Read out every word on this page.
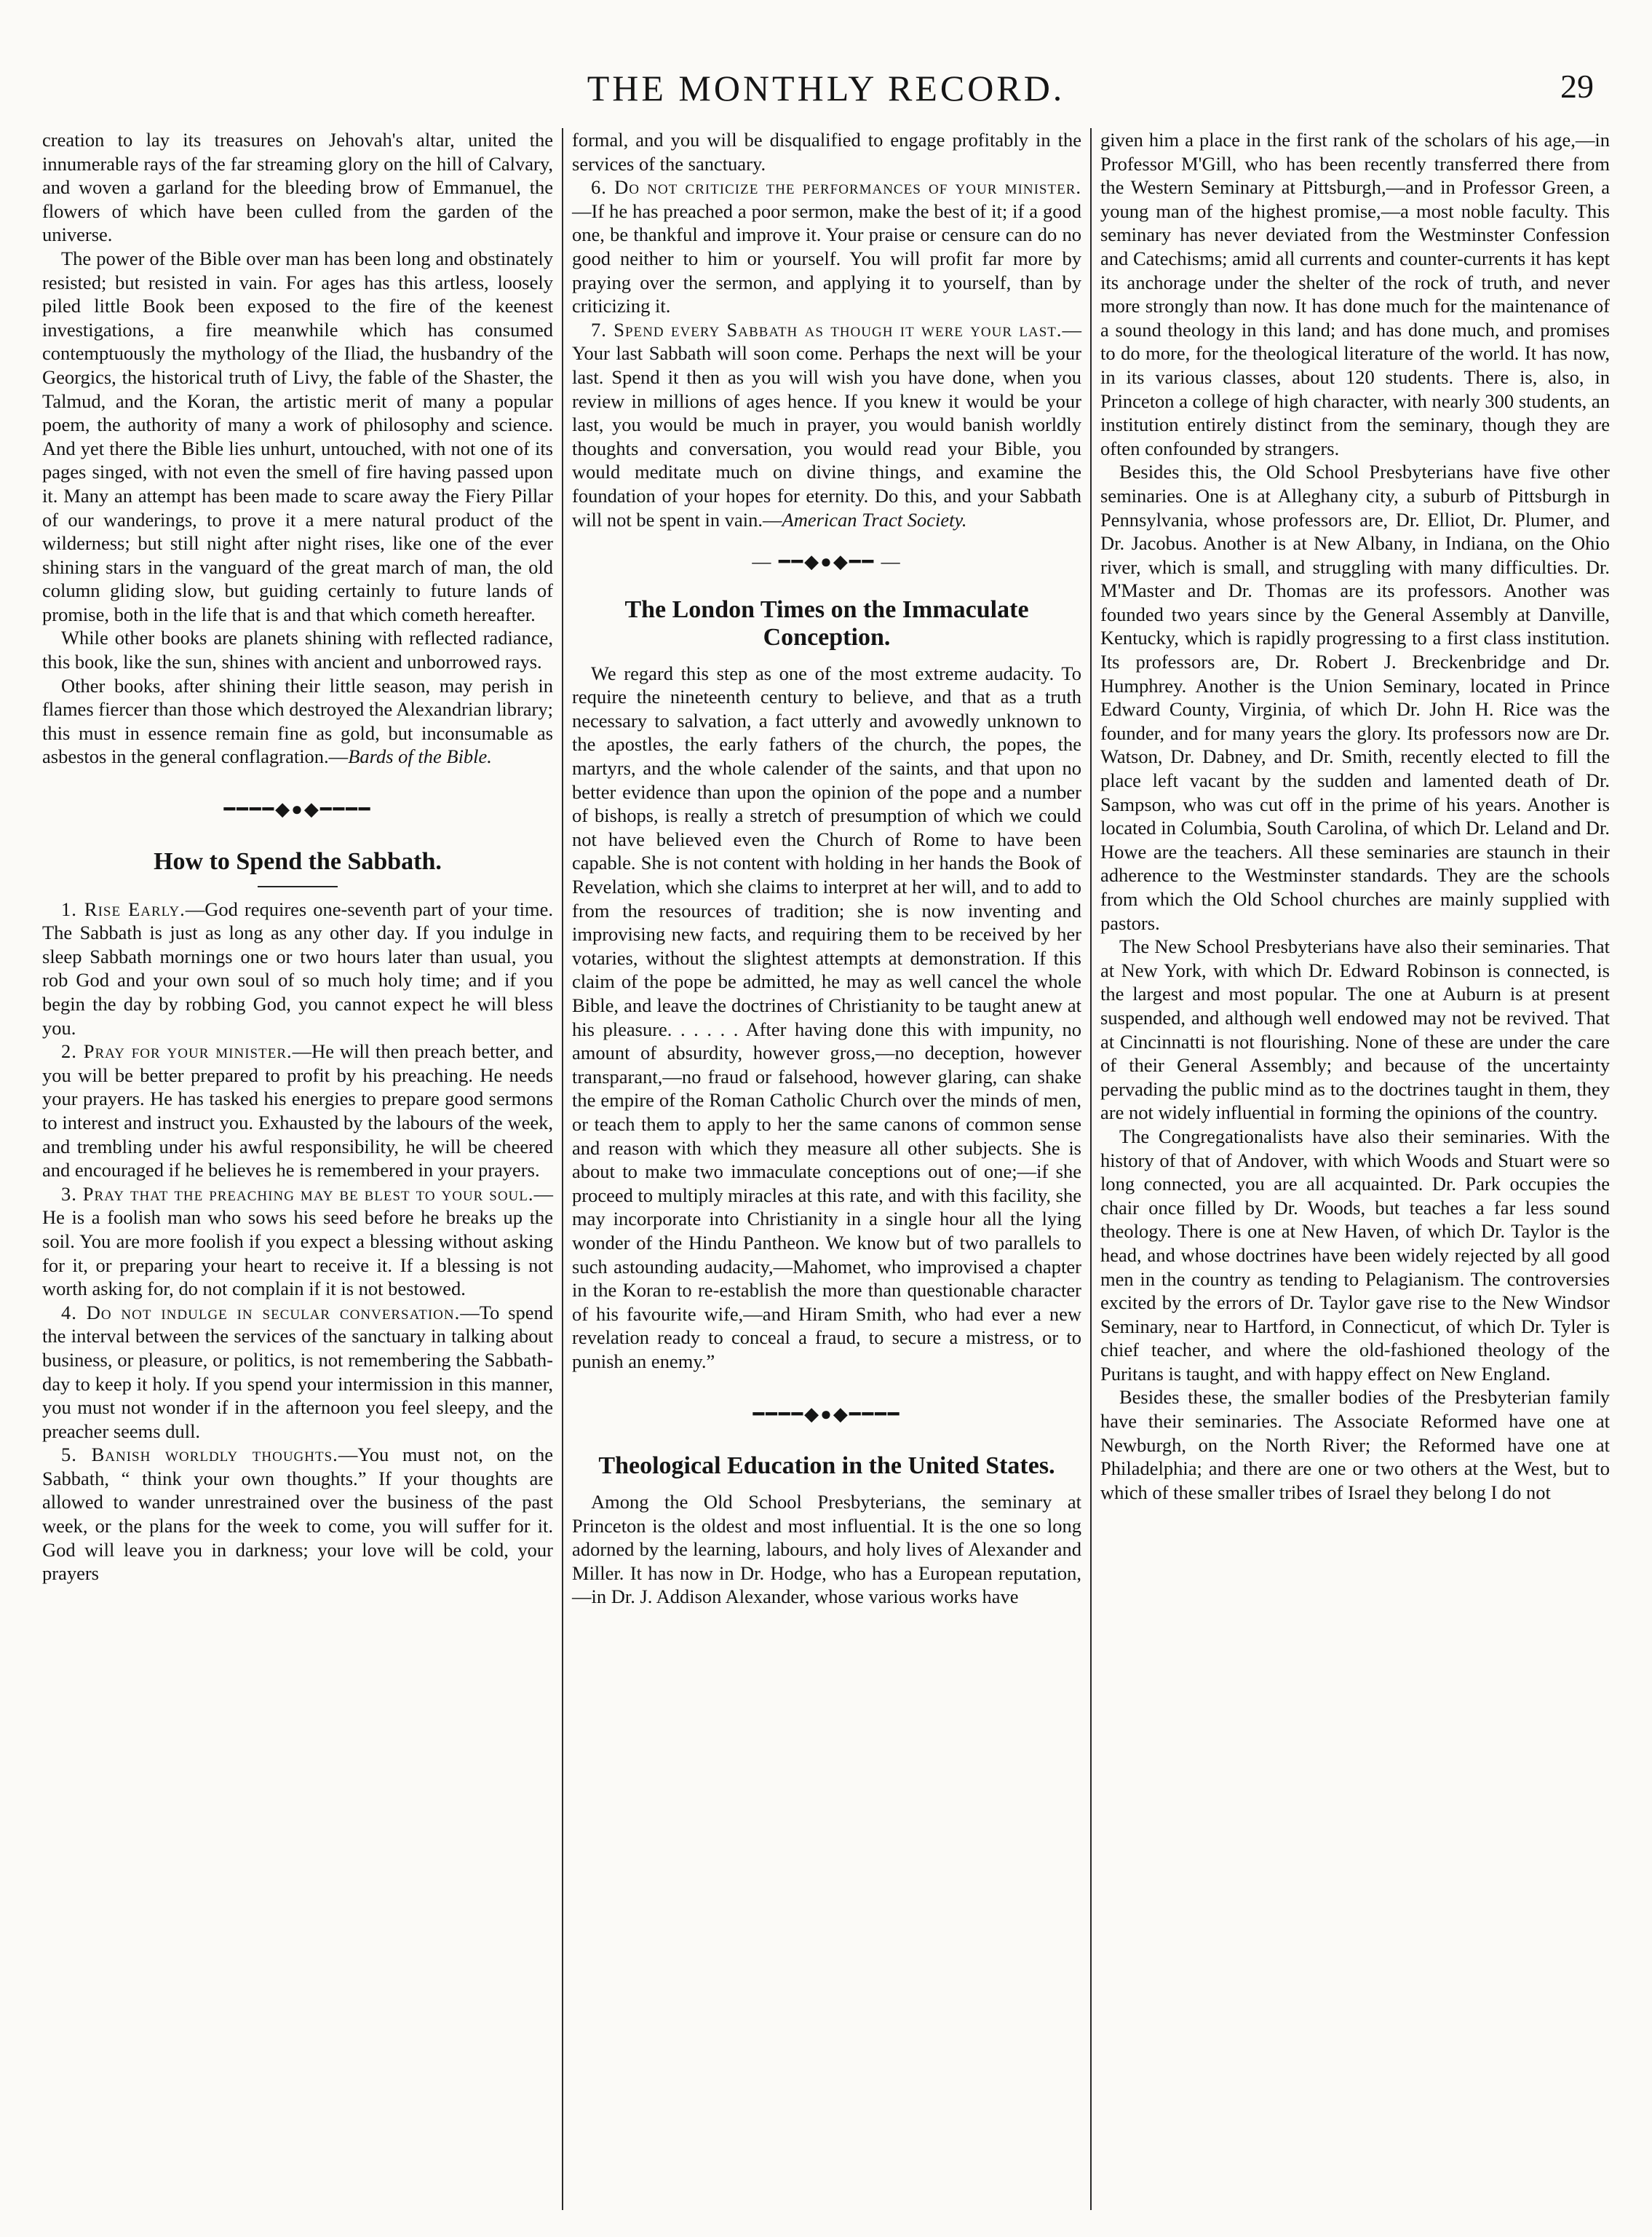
THE MONTHLY RECORD.	29

creation to lay its treasures on Jehovah's altar, united the innumerable rays of the far streaming glory on the hill of Calvary, and woven a garland for the bleeding brow of Emmanuel, the flowers of which have been culled from the garden of the universe.

The power of the Bible over man has been long and obstinately resisted; but resisted in vain. For ages has this artless, loosely piled little Book been exposed to the fire of the keenest investigations, a fire meanwhile which has consumed contemptuously the mythology of the Iliad, the husbandry of the Georgics, the historical truth of Livy, the fable of the Shaster, the Talmud, and the Koran, the artistic merit of many a popular poem, the authority of many a work of philosophy and science. And yet there the Bible lies unhurt, untouched, with not one of its pages singed, with not even the smell of fire having passed upon it. Many an attempt has been made to scare away the Fiery Pillar of our wanderings, to prove it a mere natural product of the wilderness; but still night after night rises, like one of the ever shining stars in the vanguard of the great march of man, the old column gliding slow, but guiding certainly to future lands of promise, both in the life that is and that which cometh hereafter.

While other books are planets shining with reflected radiance, this book, like the sun, shines with ancient and unborrowed rays.

Other books, after shining their little season, may perish in flames fiercer than those which destroyed the Alexandrian library; this must in essence remain fine as gold, but inconsumable as asbestos in the general conflagration.—Bards of the Bible.

━━━━◆●◆━━━━
How to Spend the Sabbath.

1. Rise Early.—God requires one-seventh part of your time. The Sabbath is just as long as any other day. If you indulge in sleep Sabbath mornings one or two hours later than usual, you rob God and your own soul of so much holy time; and if you begin the day by robbing God, you cannot expect he will bless you.

2. Pray for your minister.—He will then preach better, and you will be better prepared to profit by his preaching. He needs your prayers. He has tasked his energies to prepare good sermons to interest and instruct you. Exhausted by the labours of the week, and trembling under his awful responsibility, he will be cheered and encouraged if he believes he is remembered in your prayers.

3. Pray that the preaching may be blest to your soul.—He is a foolish man who sows his seed before he breaks up the soil. You are more foolish if you expect a blessing without asking for it, or preparing your heart to receive it. If a blessing is not worth asking for, do not complain if it is not bestowed.

4. Do not indulge in secular conversation.—To spend the interval between the services of the sanctuary in talking about business, or pleasure, or politics, is not remembering the Sabbath-day to keep it holy. If you spend your intermission in this manner, you must not wonder if in the afternoon you feel sleepy, and the preacher seems dull.

5. Banish worldly thoughts.—You must not, on the Sabbath, “ think your own thoughts.” If your thoughts are allowed to wander unrestrained over the business of the past week, or the plans for the week to come, you will suffer for it. God will leave you in darkness; your love will be cold, your prayers

formal, and you will be disqualified to engage profitably in the services of the sanctuary.

6. Do not criticize the performances of your minister.—If he has preached a poor sermon, make the best of it; if a good one, be thankful and improve it. Your praise or censure can do no good neither to him or yourself. You will profit far more by praying over the sermon, and applying it to yourself, than by criticizing it.

7. Spend every Sabbath as though it were your last.—Your last Sabbath will soon come. Perhaps the next will be your last. Spend it then as you will wish you have done, when you review in millions of ages hence. If you knew it would be your last, you would be much in prayer, you would banish worldly thoughts and conversation, you would read your Bible, you would meditate much on divine things, and examine the foundation of your hopes for eternity. Do this, and your Sabbath will not be spent in vain.—American Tract Society.

— ━━◆●◆━━ —
The London Times on the Immaculate Conception.

We regard this step as one of the most extreme audacity. To require the nineteenth century to believe, and that as a truth necessary to salvation, a fact utterly and avowedly unknown to the apostles, the early fathers of the church, the popes, the martyrs, and the whole calender of the saints, and that upon no better evidence than upon the opinion of the pope and a number of bishops, is really a stretch of presumption of which we could not have believed even the Church of Rome to have been capable. She is not content with holding in her hands the Book of Revelation, which she claims to interpret at her will, and to add to from the resources of tradition; she is now inventing and improvising new facts, and requiring them to be received by her votaries, without the slightest attempts at demonstration. If this claim of the pope be admitted, he may as well cancel the whole Bible, and leave the doctrines of Christianity to be taught anew at his pleasure. . . . . . After having done this with impunity, no amount of absurdity, however gross,—no deception, however transparant,—no fraud or falsehood, however glaring, can shake the empire of the Roman Catholic Church over the minds of men, or teach them to apply to her the same canons of common sense and reason with which they measure all other subjects. She is about to make two immaculate conceptions out of one;—if she proceed to multiply miracles at this rate, and with this facility, she may incorporate into Christianity in a single hour all the lying wonder of the Hindu Pantheon. We know but of two parallels to such astounding audacity,—Mahomet, who improvised a chapter in the Koran to re-establish the more than questionable character of his favourite wife,—and Hiram Smith, who had ever a new revelation ready to conceal a fraud, to secure a mistress, or to punish an enemy.”

━━━━◆●◆━━━━
Theological Education in the United States.

Among the Old School Presbyterians, the seminary at Princeton is the oldest and most influential. It is the one so long adorned by the learning, labours, and holy lives of Alexander and Miller. It has now in Dr. Hodge, who has a European reputation,—in Dr. J. Addison Alexander, whose various works have

given him a place in the first rank of the scholars of his age,—in Professor M'Gill, who has been recently transferred there from the Western Seminary at Pittsburgh,—and in Professor Green, a young man of the highest promise,—a most noble faculty. This seminary has never deviated from the Westminster Confession and Catechisms; amid all currents and counter-currents it has kept its anchorage under the shelter of the rock of truth, and never more strongly than now. It has done much for the maintenance of a sound theology in this land; and has done much, and promises to do more, for the theological literature of the world. It has now, in its various classes, about 120 students. There is, also, in Princeton a college of high character, with nearly 300 students, an institution entirely distinct from the seminary, though they are often confounded by strangers.

Besides this, the Old School Presbyterians have five other seminaries. One is at Alleghany city, a suburb of Pittsburgh in Pennsylvania, whose professors are, Dr. Elliot, Dr. Plumer, and Dr. Jacobus. Another is at New Albany, in Indiana, on the Ohio river, which is small, and struggling with many difficulties. Dr. M'Master and Dr. Thomas are its professors. Another was founded two years since by the General Assembly at Danville, Kentucky, which is rapidly progressing to a first class institution. Its professors are, Dr. Robert J. Breckenbridge and Dr. Humphrey. Another is the Union Seminary, located in Prince Edward County, Virginia, of which Dr. John H. Rice was the founder, and for many years the glory. Its professors now are Dr. Watson, Dr. Dabney, and Dr. Smith, recently elected to fill the place left vacant by the sudden and lamented death of Dr. Sampson, who was cut off in the prime of his years. Another is located in Columbia, South Carolina, of which Dr. Leland and Dr. Howe are the teachers. All these seminaries are staunch in their adherence to the Westminster standards. They are the schools from which the Old School churches are mainly supplied with pastors.

The New School Presbyterians have also their seminaries. That at New York, with which Dr. Edward Robinson is connected, is the largest and most popular. The one at Auburn is at present suspended, and although well endowed may not be revived. That at Cincinnatti is not flourishing. None of these are under the care of their General Assembly; and because of the uncertainty pervading the public mind as to the doctrines taught in them, they are not widely influential in forming the opinions of the country.

The Congregationalists have also their seminaries. With the history of that of Andover, with which Woods and Stuart were so long connected, you are all acquainted. Dr. Park occupies the chair once filled by Dr. Woods, but teaches a far less sound theology. There is one at New Haven, of which Dr. Taylor is the head, and whose doctrines have been widely rejected by all good men in the country as tending to Pelagianism. The controversies excited by the errors of Dr. Taylor gave rise to the New Windsor Seminary, near to Hartford, in Connecticut, of which Dr. Tyler is chief teacher, and where the old-fashioned theology of the Puritans is taught, and with happy effect on New England.

Besides these, the smaller bodies of the Presbyterian family have their seminaries. The Associate Reformed have one at Newburgh, on the North River; the Reformed have one at Philadelphia; and there are one or two others at the West, but to which of these smaller tribes of Israel they belong I do not
